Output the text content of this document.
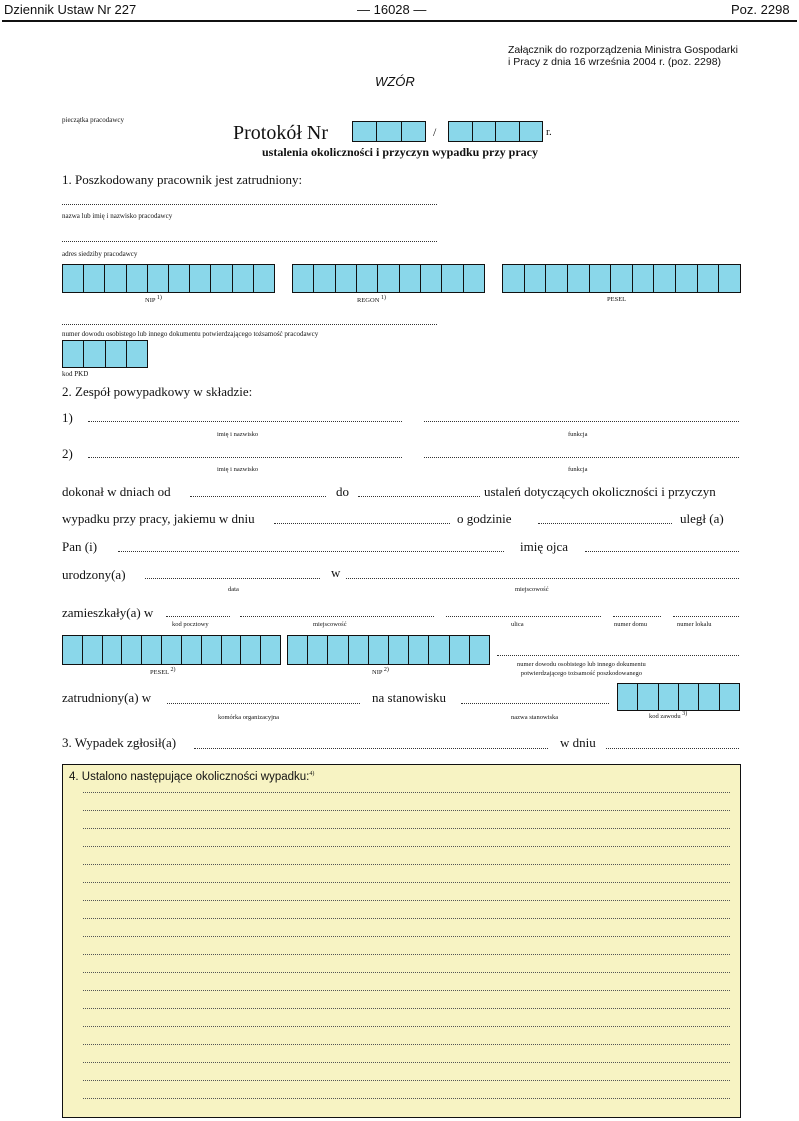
Dziennik Ustaw Nr 227	— 16028 —	Poz. 2298
Załącznik do rozporządzenia Ministra Gospodarki
i Pracy z dnia 16 września 2004 r. (poz. 2298)
WZÓR
pieczątka pracodawcy
Protokół Nr	/	r.
ustalenia okoliczności i przyczyn wypadku przy pracy
1. Poszkodowany pracownik jest zatrudniony:
nazwa lub imię i nazwisko pracodawcy
adres siedziby pracodawcy
NIP 1)	REGON 1)	PESEL
numer dowodu osobistego lub innego dokumentu potwierdzającego tożsamość pracodawcy
kod PKD
2. Zespół powypadkowy w składzie:
1)
imię i nazwisko	funkcja
2)
imię i nazwisko	funkcja
dokonał w dniach od	do	ustaleń dotyczących okoliczności i przyczyn
wypadku przy pracy, jakiemu w dniu	o godzinie	uległ (a)
Pan (i)	imię ojca
urodzony(a)	w
data	miejscowość
zamieszkały(a) w
kod pocztowy	miejscowość	ulica	numer domu	numer lokalu
PESEL 2)	NIP 2)
numer dowodu osobistego lub innego dokumentu
potwierdzającego tożsamość poszkodowanego
zatrudniony(a) w	na stanowisku
komórka organizacyjna	nazwa stanowiska	kod zawodu 3)
3. Wypadek zgłosił(a)	w dniu
4. Ustalono następujące okoliczności wypadku:$^{4)}$
